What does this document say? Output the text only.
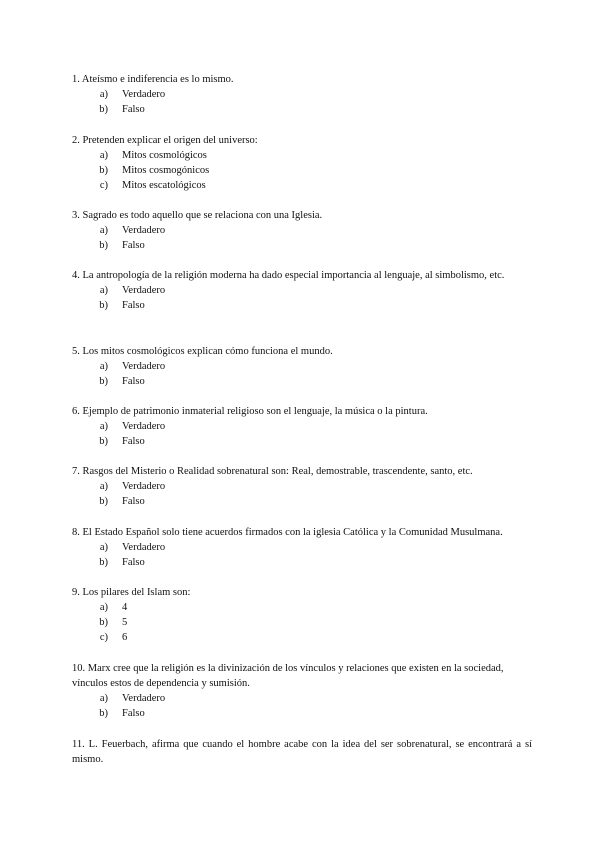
1. Ateísmo e indiferencia es lo mismo.

a)	Verdadero
b)	Falso

2. Pretenden explicar el origen del universo:

a)	Mitos cosmológicos
b)	Mitos cosmogónicos
c)	Mitos escatológicos

3. Sagrado es todo aquello que se relaciona con una Iglesia.

a)	Verdadero
b)	Falso

4. La antropología de la religión moderna ha dado especial importancia al lenguaje, al simbolismo, etc.

a)	Verdadero
b)	Falso

5. Los mitos cosmológicos explican cómo funciona el mundo.

a)	Verdadero
b)	Falso

6. Ejemplo de patrimonio inmaterial religioso son el lenguaje, la música o la pintura.

a)	Verdadero
b)	Falso

7. Rasgos del Misterio o Realidad sobrenatural son: Real, demostrable, trascendente, santo, etc.

a)	Verdadero
b)	Falso

8. El Estado Español solo tiene acuerdos firmados con la iglesia Católica y la Comunidad Musulmana.

a)	Verdadero
b)	Falso

9. Los pilares del Islam son:

a)	4
b)	5
c)	6

10. Marx cree que la religión es la divinización de los vínculos y relaciones que existen en la sociedad, vínculos estos de dependencia y sumisión.

a)	Verdadero
b)	Falso

11. L. Feuerbach, afirma que cuando el hombre acabe con la idea del ser sobrenatural, se encontrará a sí mismo.
